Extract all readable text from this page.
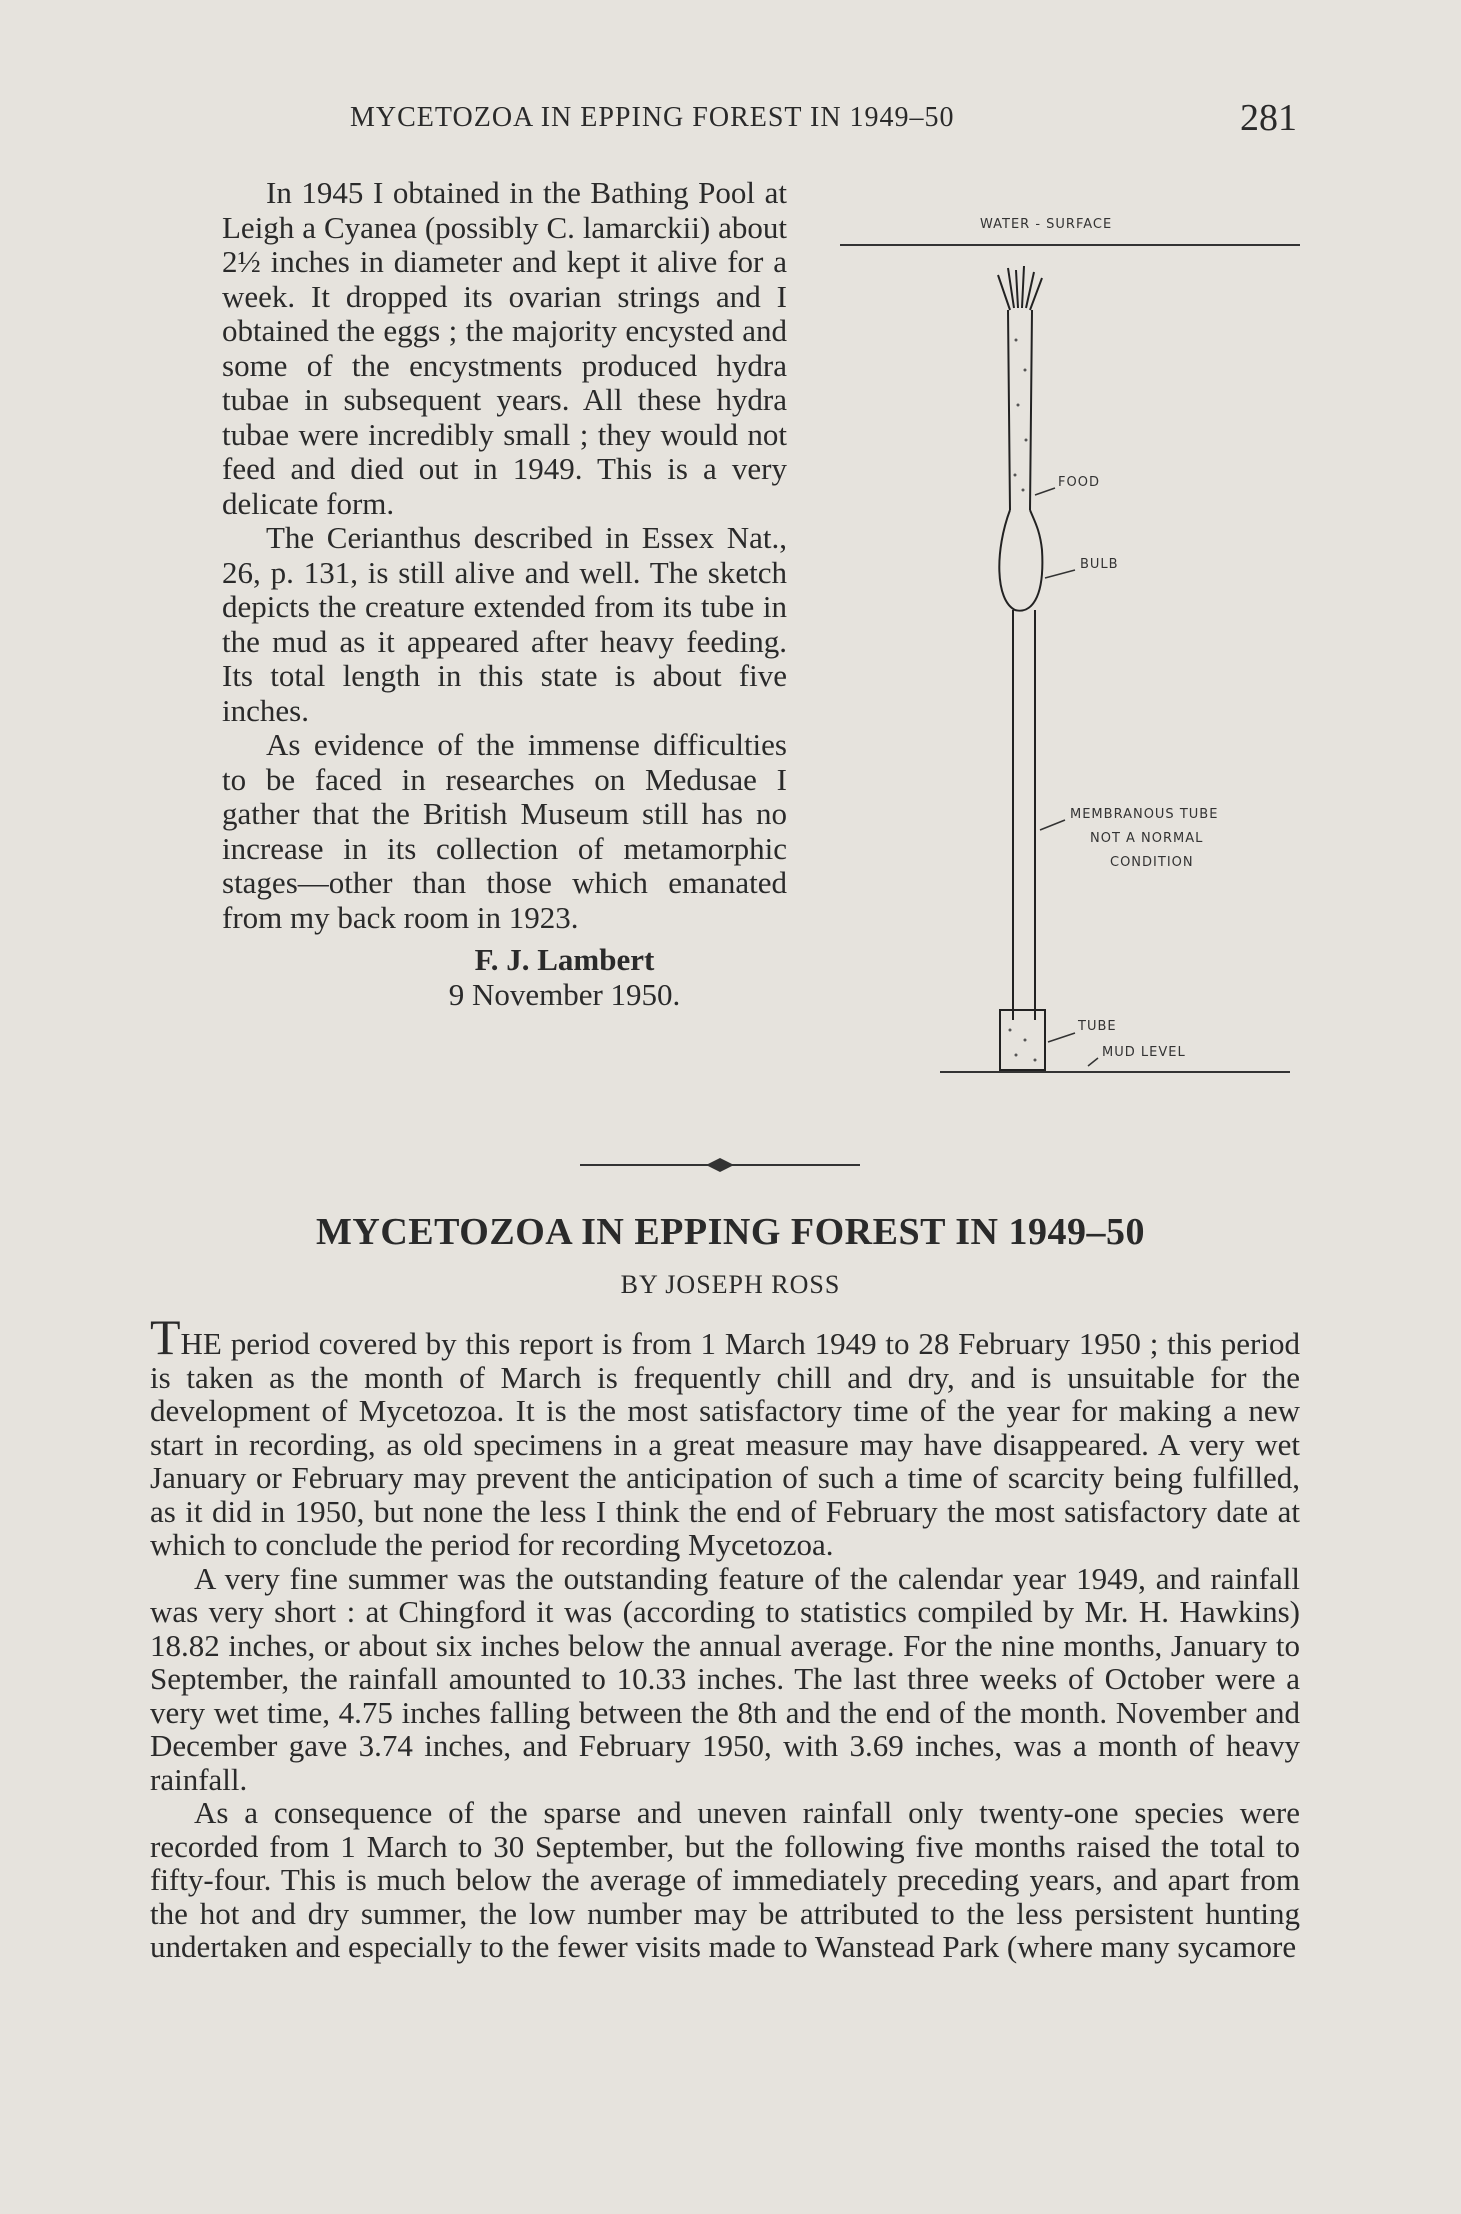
MYCETOZOA IN EPPING FOREST IN 1949–50	281

In 1945 I obtained in the Bathing Pool at Leigh a Cyanea (possibly C. lamarckii) about 2½ inches in diameter and kept it alive for a week. It dropped its ovarian strings and I obtained the eggs ; the majority encysted and some of the encystments produced hydra tubae in subsequent years. All these hydra tubae were incredibly small ; they would not feed and died out in 1949. This is a very delicate form.

The Cerianthus described in Essex Nat., 26, p. 131, is still alive and well. The sketch depicts the creature extended from its tube in the mud as it appeared after heavy feeding. Its total length in this state is about five inches.

As evidence of the immense difficulties to be faced in researches on Medusae I gather that the British Museum still has no increase in its collection of metamorphic stages—other than those which emanated from my back room in 1923.

F. J. Lambert
9 November 1950.
WATER - SURFACE
FOOD
BULB
MEMBRANOUS TUBE
NOT A NORMAL
CONDITION
TUBE
MUD LEVEL
MYCETOZOA IN EPPING FOREST IN 1949–50
BY JOSEPH ROSS

THE period covered by this report is from 1 March 1949 to 28 February 1950 ; this period is taken as the month of March is frequently chill and dry, and is unsuitable for the development of Mycetozoa. It is the most satisfactory time of the year for making a new start in recording, as old specimens in a great measure may have disappeared. A very wet January or February may prevent the anticipation of such a time of scarcity being fulfilled, as it did in 1950, but none the less I think the end of February the most satisfactory date at which to conclude the period for recording Mycetozoa.

A very fine summer was the outstanding feature of the calendar year 1949, and rainfall was very short : at Chingford it was (according to statistics compiled by Mr. H. Hawkins) 18.82 inches, or about six inches below the annual average. For the nine months, January to September, the rainfall amounted to 10.33 inches. The last three weeks of October were a very wet time, 4.75 inches falling between the 8th and the end of the month. November and December gave 3.74 inches, and February 1950, with 3.69 inches, was a month of heavy rainfall.

As a consequence of the sparse and uneven rainfall only twenty-one species were recorded from 1 March to 30 September, but the following five months raised the total to fifty-four. This is much below the average of immediately preceding years, and apart from the hot and dry summer, the low number may be attributed to the less persistent hunting undertaken and especially to the fewer visits made to Wanstead Park (where many sycamore
